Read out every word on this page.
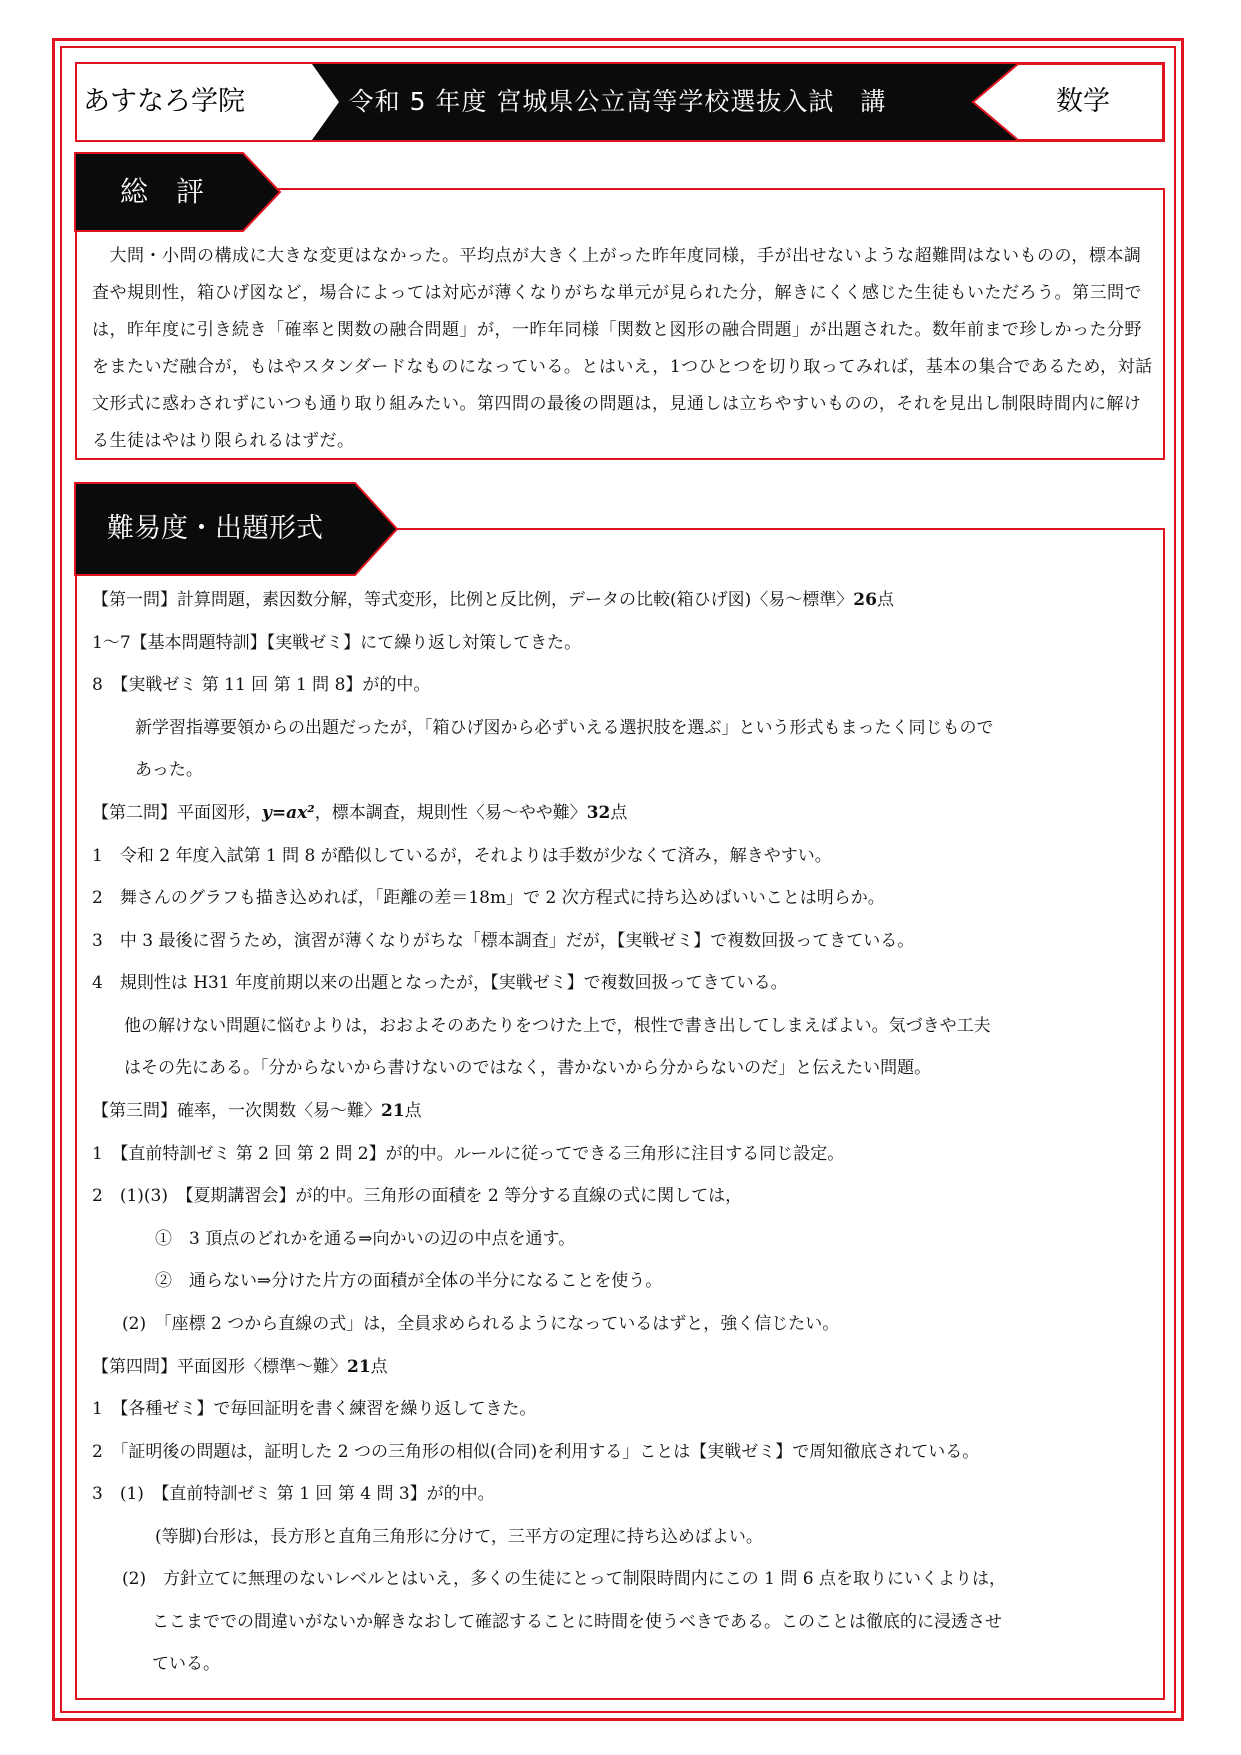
あすなろ学院	令和 5 年度 宮城県公立高等学校選抜入試　講評
数学
総　評
　大問・小問の構成に大きな変更はなかった。平均点が大きく上がった昨年度同様，手が出せないような超難問はないものの，標本調査や規則性，箱ひげ図など，場合によっては対応が薄くなりがちな単元が見られた分，解きにくく感じた生徒もいただろう。第三問では，昨年度に引き続き「確率と関数の融合問題」が，一昨年同様「関数と図形の融合問題」が出題された。数年前まで珍しかった分野をまたいだ融合が，もはやスタンダードなものになっている。とはいえ，1つひとつを切り取ってみれば，基本の集合であるため，対話文形式に惑わされずにいつも通り取り組みたい。第四問の最後の問題は，見通しは立ちやすいものの，それを見出し制限時間内に解ける生徒はやはり限られるはずだ。
難易度・出題形式
【第一問】計算問題，素因数分解，等式変形，比例と反比例，データの比較(箱ひげ図)〈易～標準〉26点
1～7【基本問題特訓】【実戦ゼミ】にて繰り返し対策してきた。
8　【実戦ゼミ 第 11 回 第 1 問 8】が的中。
新学習指導要領からの出題だったが，「箱ひげ図から必ずいえる選択肢を選ぶ」という形式もまったく同じもので
あった。
【第二問】平面図形，y=ax²，標本調査，規則性〈易～やや難〉32点
1　令和 2 年度入試第 1 問 8 が酷似しているが，それよりは手数が少なくて済み，解きやすい。
2　舞さんのグラフも描き込めれば，「距離の差＝18m」で 2 次方程式に持ち込めばいいことは明らか。
3　中 3 最後に習うため，演習が薄くなりがちな「標本調査」だが，【実戦ゼミ】で複数回扱ってきている。
4　規則性は H31 年度前期以来の出題となったが，【実戦ゼミ】で複数回扱ってきている。
他の解けない問題に悩むよりは，おおよそのあたりをつけた上で，根性で書き出してしまえばよい。気づきや工夫
はその先にある。「分からないから書けないのではなく，書かないから分からないのだ」と伝えたい問題。
【第三問】確率，一次関数〈易～難〉21点
1　【直前特訓ゼミ 第 2 回 第 2 問 2】が的中。ルールに従ってできる三角形に注目する同じ設定。
2　(1)(3)　【夏期講習会】が的中。三角形の面積を 2 等分する直線の式に関しては，
①　3 頂点のどれかを通る⇒向かいの辺の中点を通す。
②　通らない⇒分けた片方の面積が全体の半分になることを使う。
(2)　「座標 2 つから直線の式」は，全員求められるようになっているはずと，強く信じたい。
【第四問】平面図形〈標準～難〉21点
1　【各種ゼミ】で毎回証明を書く練習を繰り返してきた。
2　「証明後の問題は，証明した 2 つの三角形の相似(合同)を利用する」ことは【実戦ゼミ】で周知徹底されている。
3　(1)　【直前特訓ゼミ 第 1 回 第 4 問 3】が的中。
(等脚)台形は，長方形と直角三角形に分けて，三平方の定理に持ち込めばよい。
(2)　方針立てに無理のないレベルとはいえ，多くの生徒にとって制限時間内にこの 1 問 6 点を取りにいくよりは，
ここまででの間違いがないか解きなおして確認することに時間を使うべきである。このことは徹底的に浸透させ
ている。
